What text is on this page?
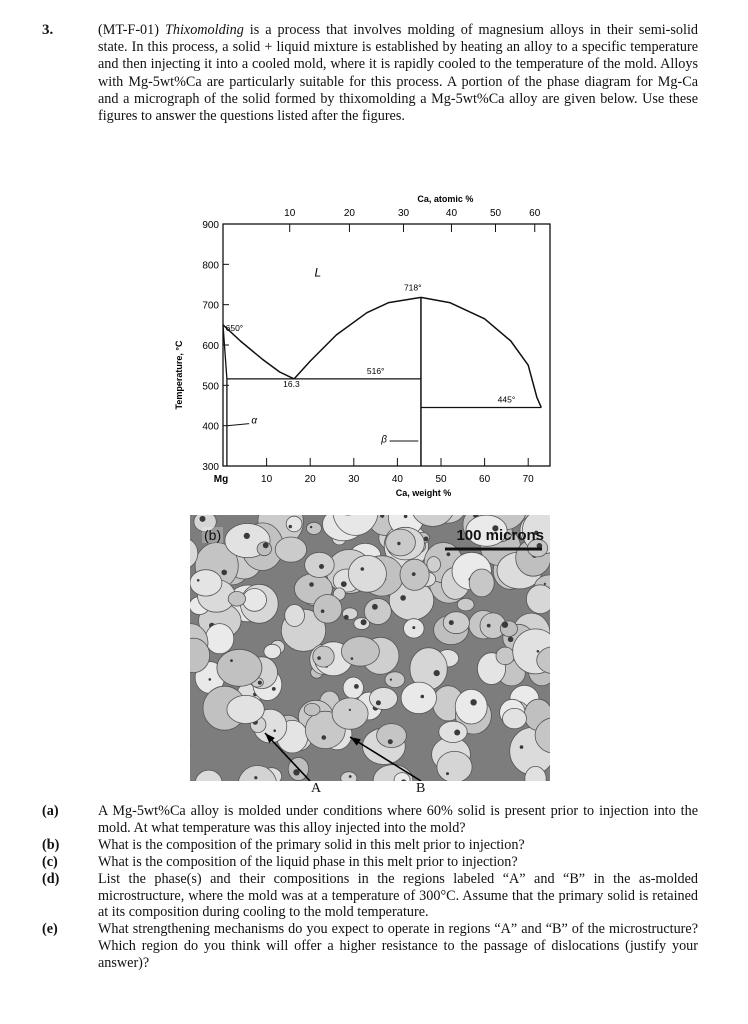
3.	(MT-F-01) Thixomolding is a process that involves molding of magnesium alloys in their semi-solid state. In this process, a solid + liquid mixture is established by heating an alloy to a specific temperature and then injecting it into a cooled mold, where it is rapidly cooled to the temperature of the mold. Alloys with Mg-5wt%Ca are particularly suitable for this process. A portion of the phase diagram for Mg-Ca and a micrograph of the solid formed by thixomolding a Mg-5wt%Ca alloy are given below. Use these figures to answer the questions listed after the figures.
300
400
500
600
700
800
900
Mg	10	20	30	40	50	60	70
10	20	30	40	50	60
Ca, atomic %
Ca, weight %
Temperature, °C
650°
718°
516°
445°
16.3
L
α
β
(b)	100 microns
A	B
(a)	A Mg-5wt%Ca alloy is molded under conditions where 60% solid is present prior to injection into the mold. At what temperature was this alloy injected into the mold?
(b)	What is the composition of the primary solid in this melt prior to injection?
(c)	What is the composition of the liquid phase in this melt prior to injection?
(d)	List the phase(s) and their compositions in the regions labeled “A” and “B” in the as-molded microstructure, where the mold was at a temperature of 300°C. Assume that the primary solid is retained at its composition during cooling to the mold temperature.
(e)	What strengthening mechanisms do you expect to operate in regions “A” and “B” of the microstructure? Which region do you think will offer a higher resistance to the passage of dislocations (justify your answer)?
